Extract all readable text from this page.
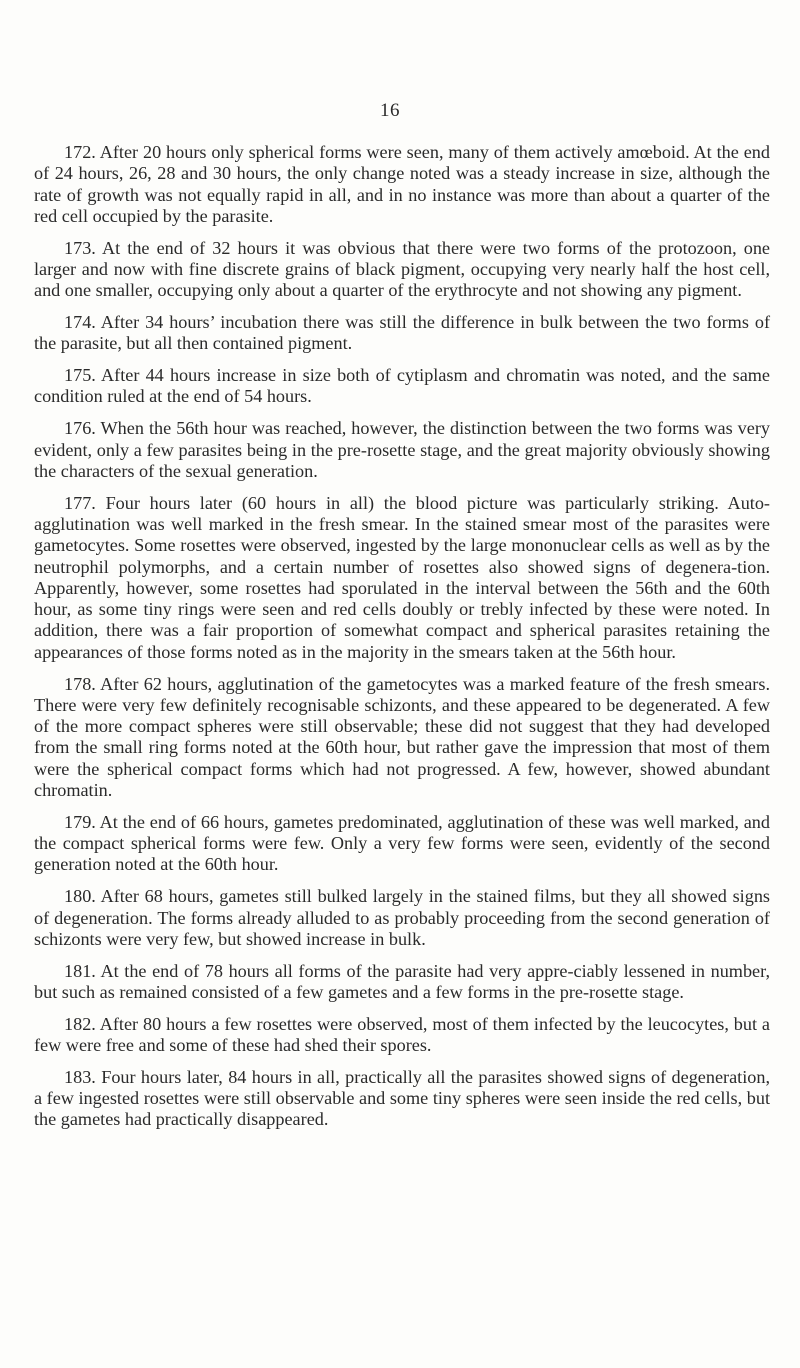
16

172. After 20 hours only spherical forms were seen, many of them actively amœboid. At the end of 24 hours, 26, 28 and 30 hours, the only change noted was a steady increase in size, although the rate of growth was not equally rapid in all, and in no instance was more than about a quarter of the red cell occupied by the parasite.

173. At the end of 32 hours it was obvious that there were two forms of the protozoon, one larger and now with fine discrete grains of black pigment, occupying very nearly half the host cell, and one smaller, occupying only about a quarter of the erythrocyte and not showing any pigment.

174. After 34 hours’ incubation there was still the difference in bulk between the two forms of the parasite, but all then contained pigment.

175. After 44 hours increase in size both of cytiplasm and chromatin was noted, and the same condition ruled at the end of 54 hours.

176. When the 56th hour was reached, however, the distinction between the two forms was very evident, only a few parasites being in the pre-rosette stage, and the great majority obviously showing the characters of the sexual generation.

177. Four hours later (60 hours in all) the blood picture was particularly striking. Auto-agglutination was well marked in the fresh smear. In the stained smear most of the parasites were gametocytes. Some rosettes were observed, ingested by the large mononuclear cells as well as by the neutrophil polymorphs, and a certain number of rosettes also showed signs of degenera-tion. Apparently, however, some rosettes had sporulated in the interval between the 56th and the 60th hour, as some tiny rings were seen and red cells doubly or trebly infected by these were noted. In addition, there was a fair proportion of somewhat compact and spherical parasites retaining the appearances of those forms noted as in the majority in the smears taken at the 56th hour.

178. After 62 hours, agglutination of the gametocytes was a marked feature of the fresh smears. There were very few definitely recognisable schizonts, and these appeared to be degenerated. A few of the more compact spheres were still observable; these did not suggest that they had developed from the small ring forms noted at the 60th hour, but rather gave the impression that most of them were the spherical compact forms which had not progressed. A few, however, showed abundant chromatin.

179. At the end of 66 hours, gametes predominated, agglutination of these was well marked, and the compact spherical forms were few. Only a very few forms were seen, evidently of the second generation noted at the 60th hour.

180. After 68 hours, gametes still bulked largely in the stained films, but they all showed signs of degeneration. The forms already alluded to as probably proceeding from the second generation of schizonts were very few, but showed increase in bulk.

181. At the end of 78 hours all forms of the parasite had very appre-ciably lessened in number, but such as remained consisted of a few gametes and a few forms in the pre-rosette stage.

182. After 80 hours a few rosettes were observed, most of them infected by the leucocytes, but a few were free and some of these had shed their spores.

183. Four hours later, 84 hours in all, practically all the parasites showed signs of degeneration, a few ingested rosettes were still observable and some tiny spheres were seen inside the red cells, but the gametes had practically disappeared.
